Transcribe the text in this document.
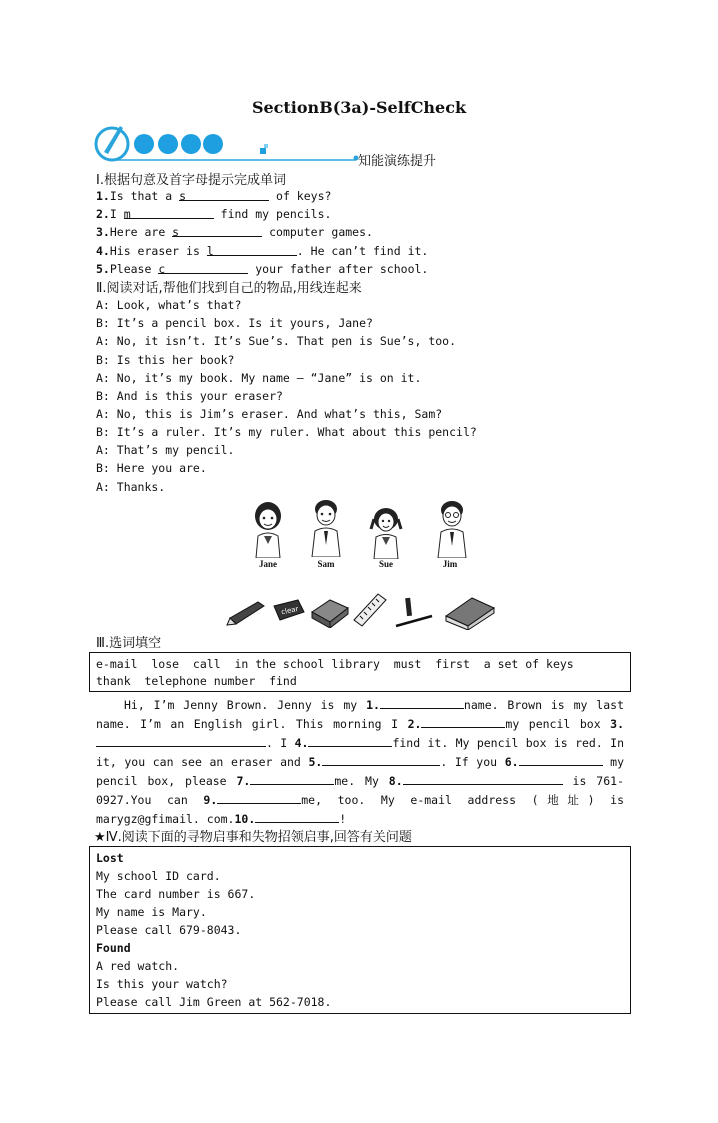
SectionB(3a)-SelfCheck
知能演练提升
Ⅰ.根据句意及首字母提示完成单词
1.Is that a s	of keys?
2.I m	find my pencils.
3.Here are s	computer games.
4.His eraser is l	. He can’t find it.
5.Please c	your father after school.
Ⅱ.阅读对话,帮他们找到自己的物品,用线连起来
A: Look, what’s that?
B: It’s a pencil box. Is it yours, Jane?
A: No, it isn’t. It’s Sue’s. That pen is Sue’s, too.
B: Is this her book?
A: No, it’s my book. My name — “Jane” is on it.
B: And is this your eraser?
A: No, this is Jim’s eraser. And what’s this, Sam?
B: It’s a ruler. It’s my ruler. What about this pencil?
A: That’s my pencil.
B: Here you are.
A: Thanks.
Jane	Sam	Sue	Jim
clear
Ⅲ.选词填空
e-mail  lose  call  in the school library  must  first  a set of keys
thank  telephone number  find
Hi, I’m Jenny Brown. Jenny is my 1.	name. Brown is my last name. I’m an English girl. This morning I 2.	my pencil box 3. . I 4.	find it. My pencil box is red. In it, you can see an eraser and 5.	. If you 6.	my pencil box, please 7.	me. My 8.	is 761-0927.You can 9.	me, too. My e-mail address (地址) is marygz@gfimail. com.10.	!
★Ⅳ.阅读下面的寻物启事和失物招领启事,回答有关问题
Lost
My school ID card.
The card number is 667.
My name is Mary.
Please call 679-8043.
Found
A red watch.
Is this your watch?
Please call Jim Green at 562-7018.
